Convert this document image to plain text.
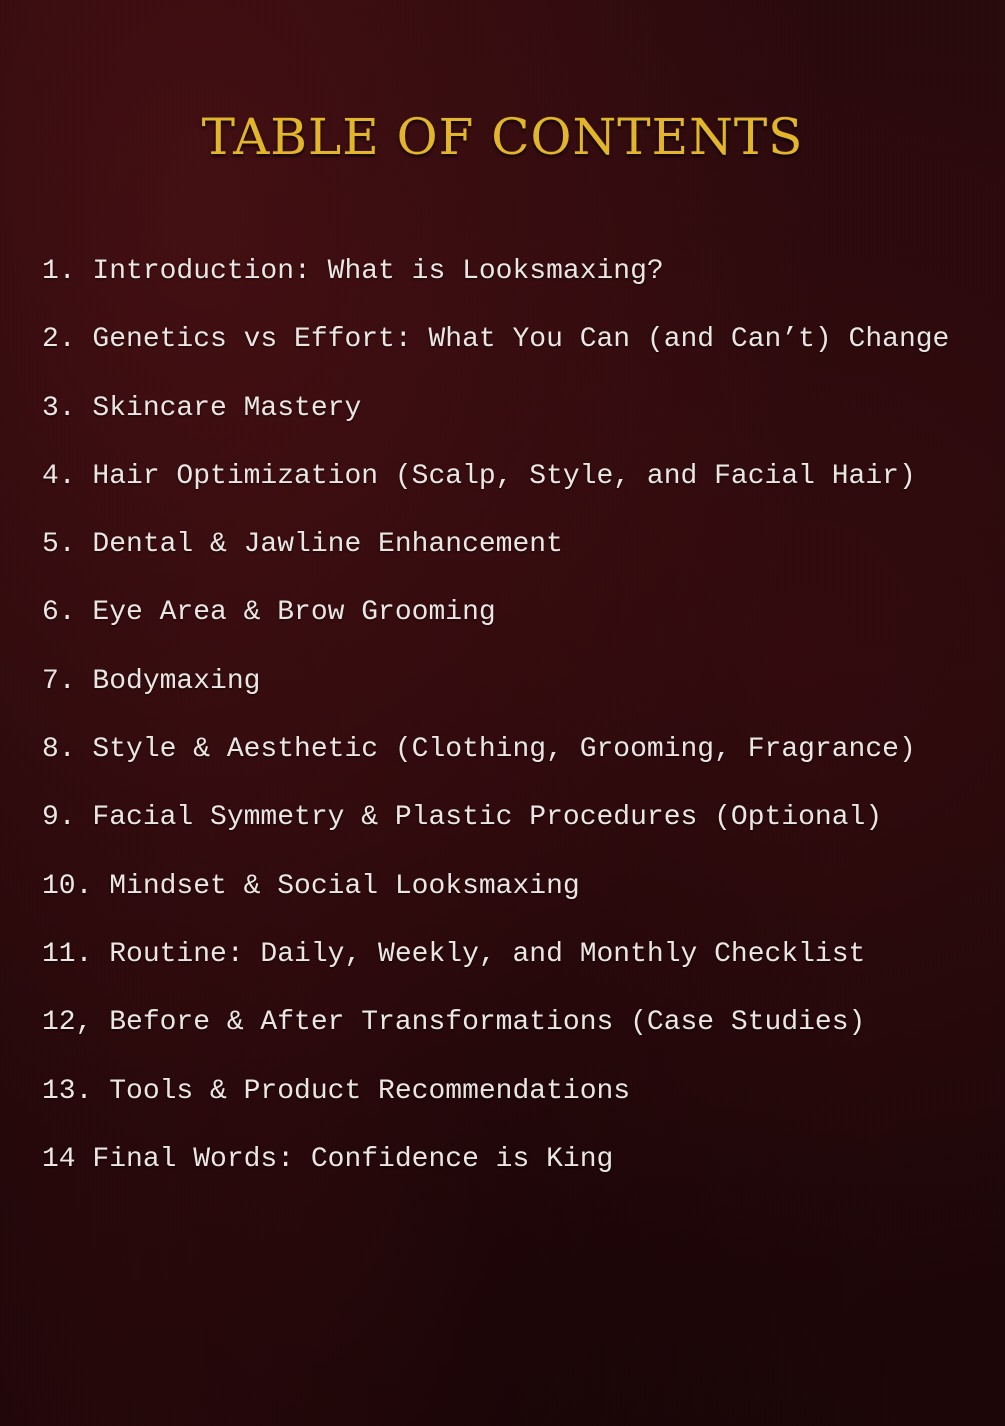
TABLE OF CONTENTS
1. Introduction: What is Looksmaxing?
2. Genetics vs Effort: What You Can (and Can’t) Change
3. Skincare Mastery
4. Hair Optimization (Scalp, Style, and Facial Hair)
5. Dental & Jawline Enhancement
6. Eye Area & Brow Grooming
7. Bodymaxing
8. Style & Aesthetic (Clothing, Grooming, Fragrance)
9. Facial Symmetry & Plastic Procedures (Optional)
10. Mindset & Social Looksmaxing
11. Routine: Daily, Weekly, and Monthly Checklist
12, Before & After Transformations (Case Studies)
13. Tools & Product Recommendations
14 Final Words: Confidence is King
